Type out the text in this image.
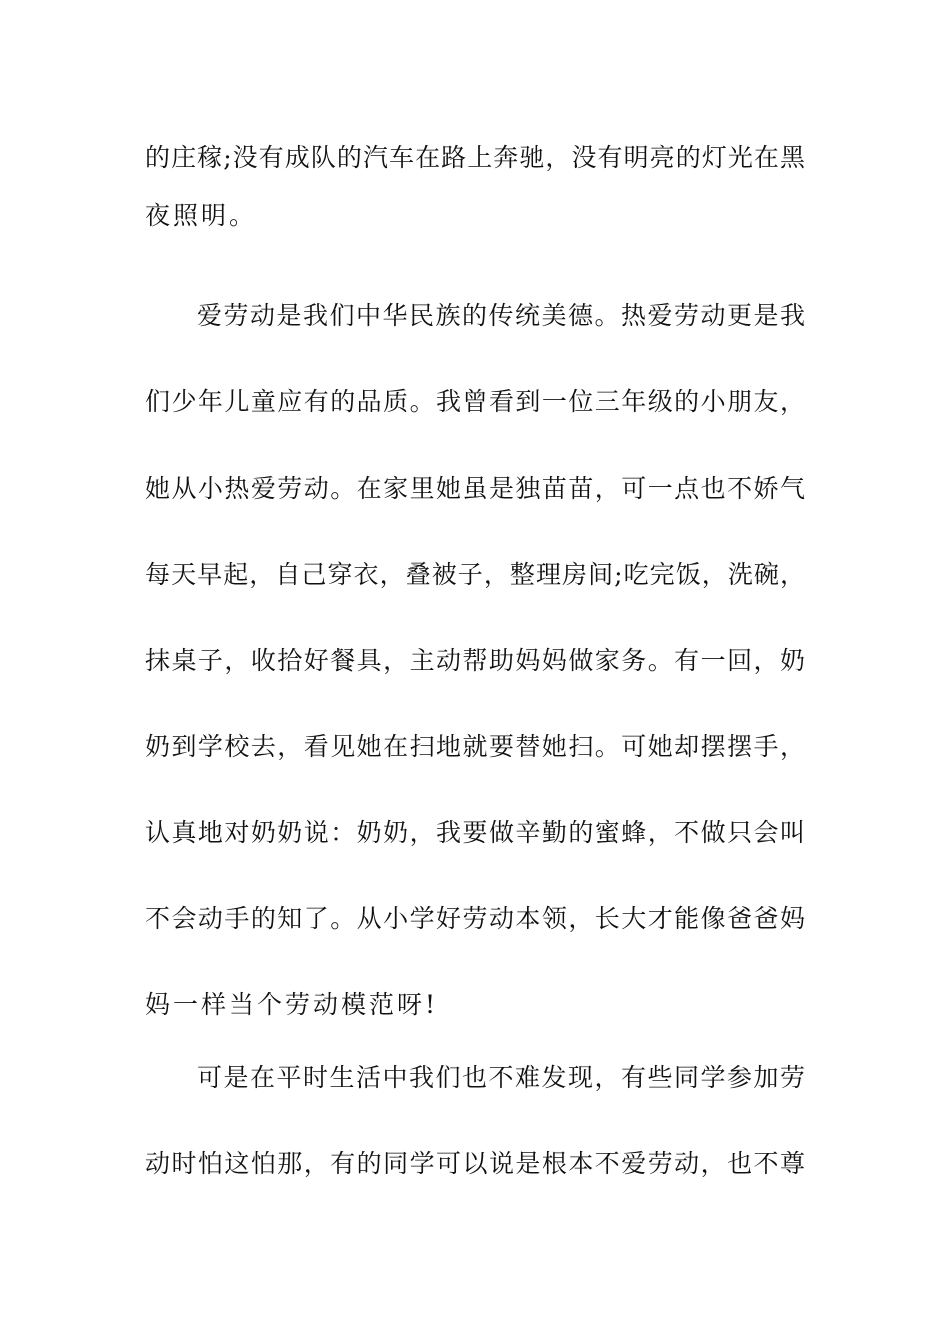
的庄稼;没有成队的汽车在路上奔驰，没有明亮的灯光在黑
夜照明。
爱劳动是我们中华民族的传统美德。热爱劳动更是我
们少年儿童应有的品质。我曾看到一位三年级的小朋友，
她从小热爱劳动。在家里她虽是独苗苗，可一点也不娇气
每天早起，自己穿衣，叠被子，整理房间;吃完饭，洗碗，
抹桌子，收拾好餐具，主动帮助妈妈做家务。有一回，奶
奶到学校去，看见她在扫地就要替她扫。可她却摆摆手，
认真地对奶奶说：奶奶，我要做辛勤的蜜蜂，不做只会叫
不会动手的知了。从小学好劳动本领，长大才能像爸爸妈
妈一样当个劳动模范呀!
可是在平时生活中我们也不难发现，有些同学参加劳
动时怕这怕那，有的同学可以说是根本不爱劳动，也不尊
